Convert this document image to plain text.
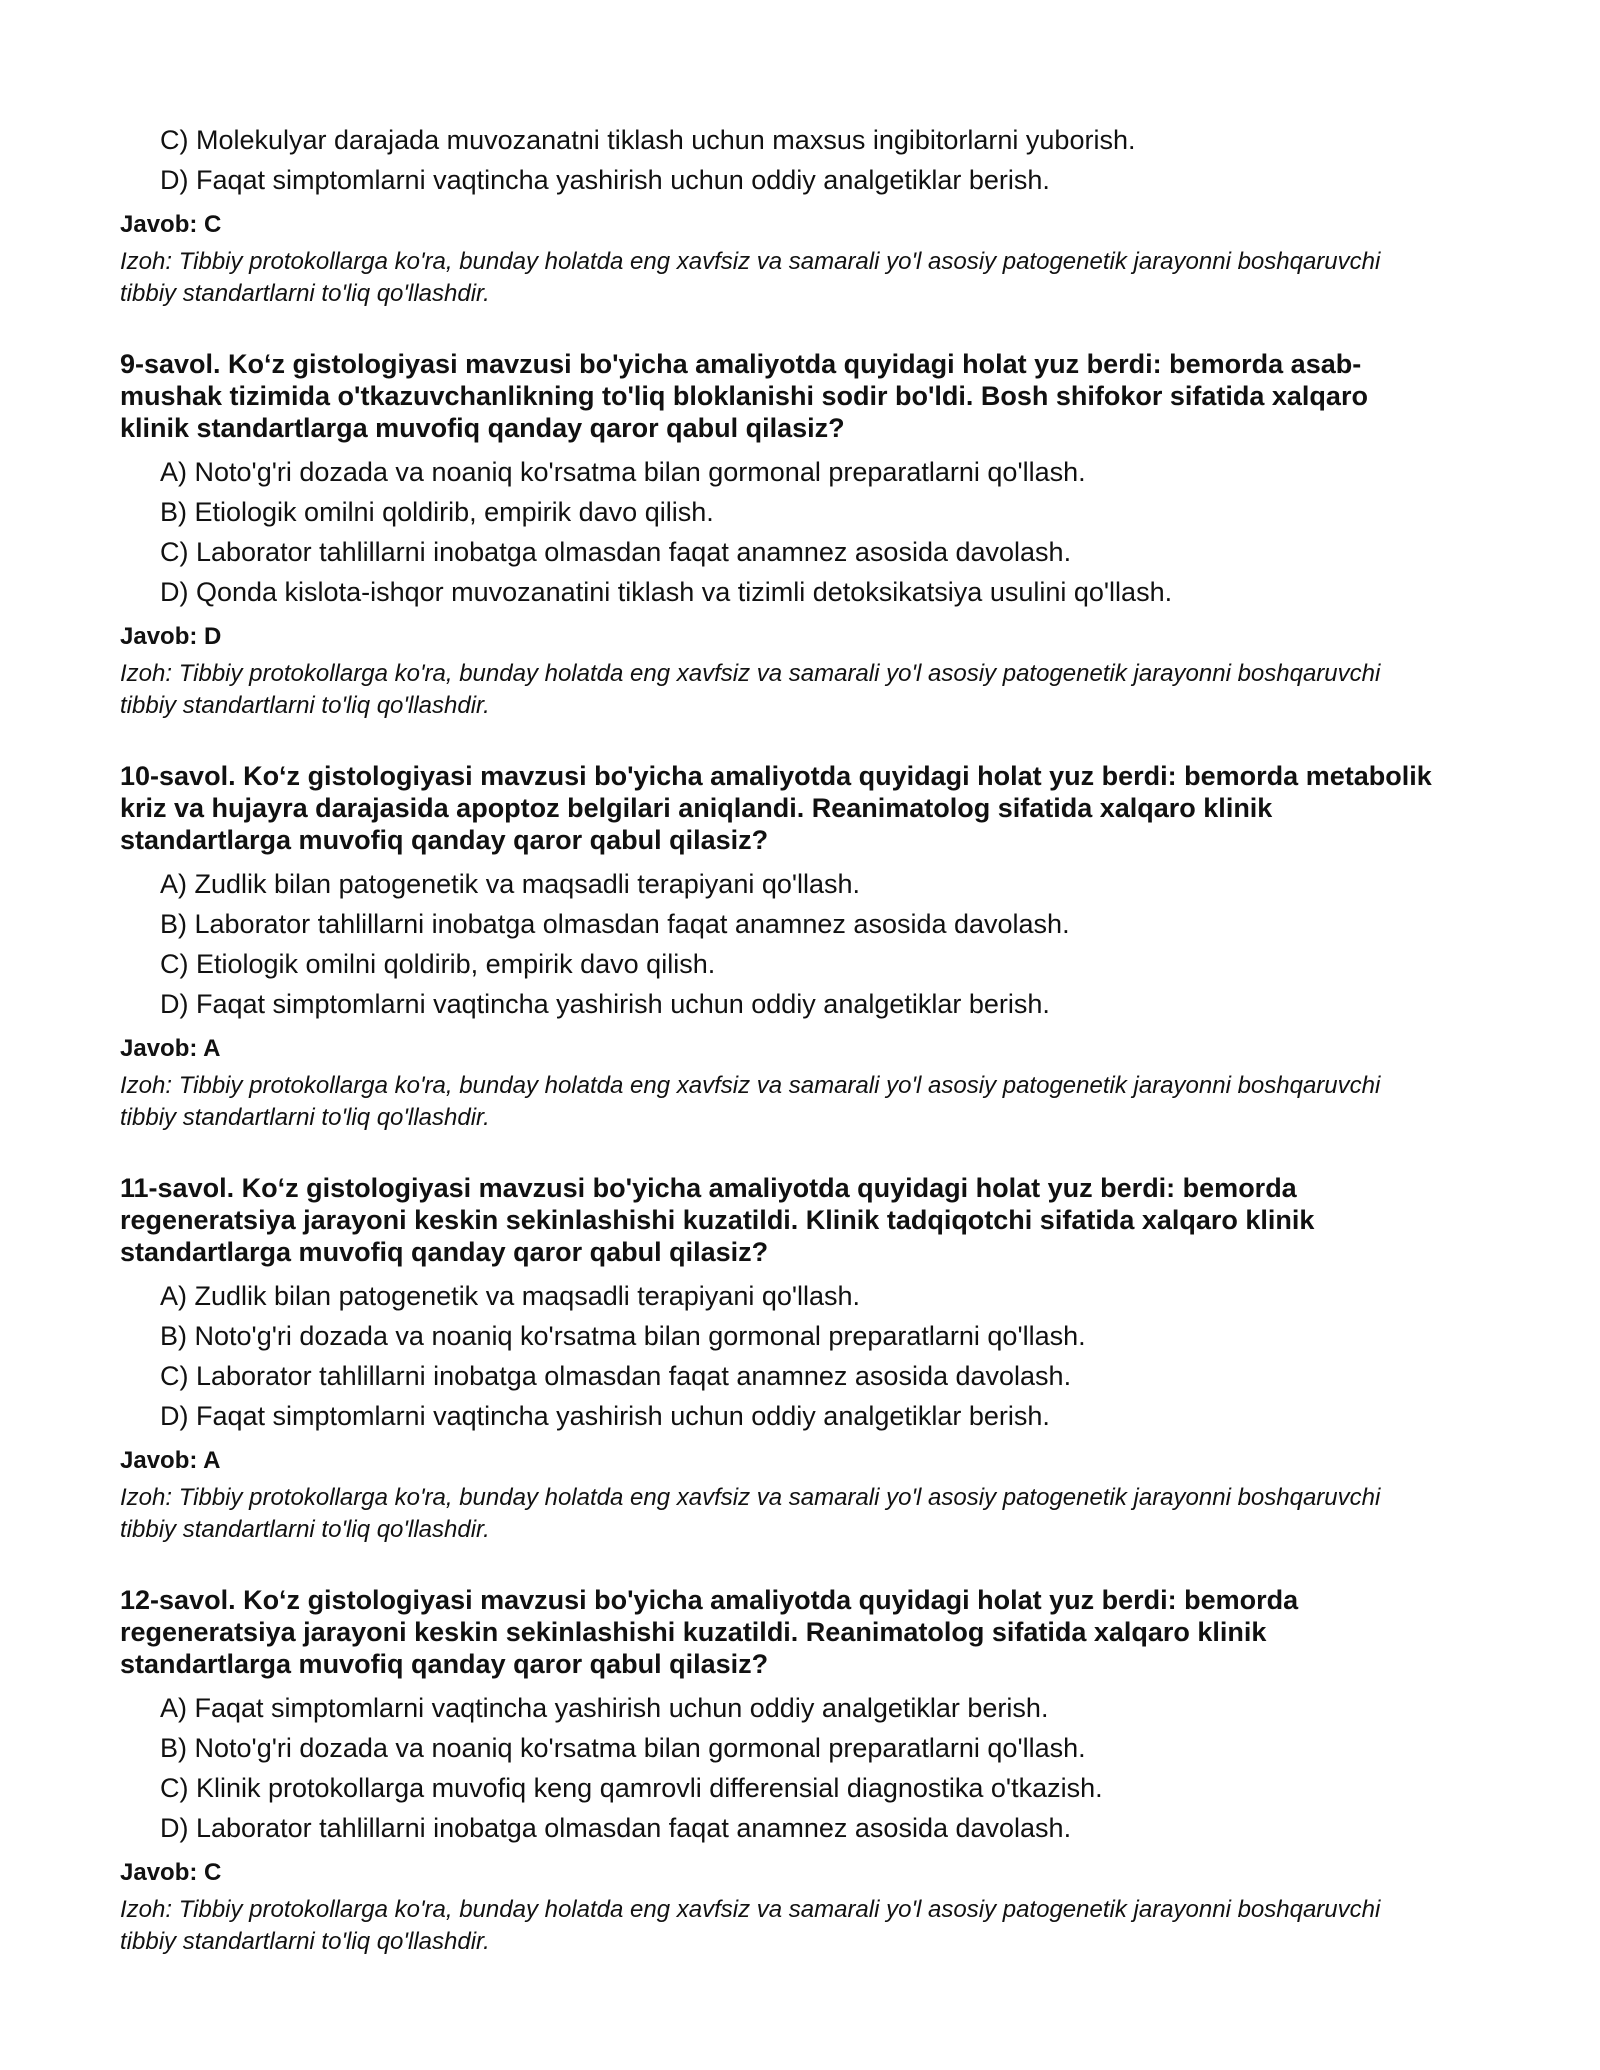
C) Molekulyar darajada muvozanatni tiklash uchun maxsus ingibitorlarni yuborish.
D) Faqat simptomlarni vaqtincha yashirish uchun oddiy analgetiklar berish.
Javob: C
Izoh: Tibbiy protokollarga ko'ra, bunday holatda eng xavfsiz va samarali yo'l asosiy patogenetik jarayonni boshqaruvchi tibbiy standartlarni to'liq qo'llashdir.
9-savol. Ko‘z gistologiyasi mavzusi bo'yicha amaliyotda quyidagi holat yuz berdi: bemorda asab-mushak tizimida o'tkazuvchanlikning to'liq bloklanishi sodir bo'ldi. Bosh shifokor sifatida xalqaro klinik standartlarga muvofiq qanday qaror qabul qilasiz?
A) Noto'g'ri dozada va noaniq ko'rsatma bilan gormonal preparatlarni qo'llash.
B) Etiologik omilni qoldirib, empirik davo qilish.
C) Laborator tahlillarni inobatga olmasdan faqat anamnez asosida davolash.
D) Qonda kislota-ishqor muvozanatini tiklash va tizimli detoksikatsiya usulini qo'llash.
Javob: D
Izoh: Tibbiy protokollarga ko'ra, bunday holatda eng xavfsiz va samarali yo'l asosiy patogenetik jarayonni boshqaruvchi tibbiy standartlarni to'liq qo'llashdir.
10-savol. Ko‘z gistologiyasi mavzusi bo'yicha amaliyotda quyidagi holat yuz berdi: bemorda metabolik kriz va hujayra darajasida apoptoz belgilari aniqlandi. Reanimatolog sifatida xalqaro klinik standartlarga muvofiq qanday qaror qabul qilasiz?
A) Zudlik bilan patogenetik va maqsadli terapiyani qo'llash.
B) Laborator tahlillarni inobatga olmasdan faqat anamnez asosida davolash.
C) Etiologik omilni qoldirib, empirik davo qilish.
D) Faqat simptomlarni vaqtincha yashirish uchun oddiy analgetiklar berish.
Javob: A
Izoh: Tibbiy protokollarga ko'ra, bunday holatda eng xavfsiz va samarali yo'l asosiy patogenetik jarayonni boshqaruvchi tibbiy standartlarni to'liq qo'llashdir.
11-savol. Ko‘z gistologiyasi mavzusi bo'yicha amaliyotda quyidagi holat yuz berdi: bemorda regeneratsiya jarayoni keskin sekinlashishi kuzatildi. Klinik tadqiqotchi sifatida xalqaro klinik standartlarga muvofiq qanday qaror qabul qilasiz?
A) Zudlik bilan patogenetik va maqsadli terapiyani qo'llash.
B) Noto'g'ri dozada va noaniq ko'rsatma bilan gormonal preparatlarni qo'llash.
C) Laborator tahlillarni inobatga olmasdan faqat anamnez asosida davolash.
D) Faqat simptomlarni vaqtincha yashirish uchun oddiy analgetiklar berish.
Javob: A
Izoh: Tibbiy protokollarga ko'ra, bunday holatda eng xavfsiz va samarali yo'l asosiy patogenetik jarayonni boshqaruvchi tibbiy standartlarni to'liq qo'llashdir.
12-savol. Ko‘z gistologiyasi mavzusi bo'yicha amaliyotda quyidagi holat yuz berdi: bemorda regeneratsiya jarayoni keskin sekinlashishi kuzatildi. Reanimatolog sifatida xalqaro klinik standartlarga muvofiq qanday qaror qabul qilasiz?
A) Faqat simptomlarni vaqtincha yashirish uchun oddiy analgetiklar berish.
B) Noto'g'ri dozada va noaniq ko'rsatma bilan gormonal preparatlarni qo'llash.
C) Klinik protokollarga muvofiq keng qamrovli differensial diagnostika o'tkazish.
D) Laborator tahlillarni inobatga olmasdan faqat anamnez asosida davolash.
Javob: C
Izoh: Tibbiy protokollarga ko'ra, bunday holatda eng xavfsiz va samarali yo'l asosiy patogenetik jarayonni boshqaruvchi tibbiy standartlarni to'liq qo'llashdir.
